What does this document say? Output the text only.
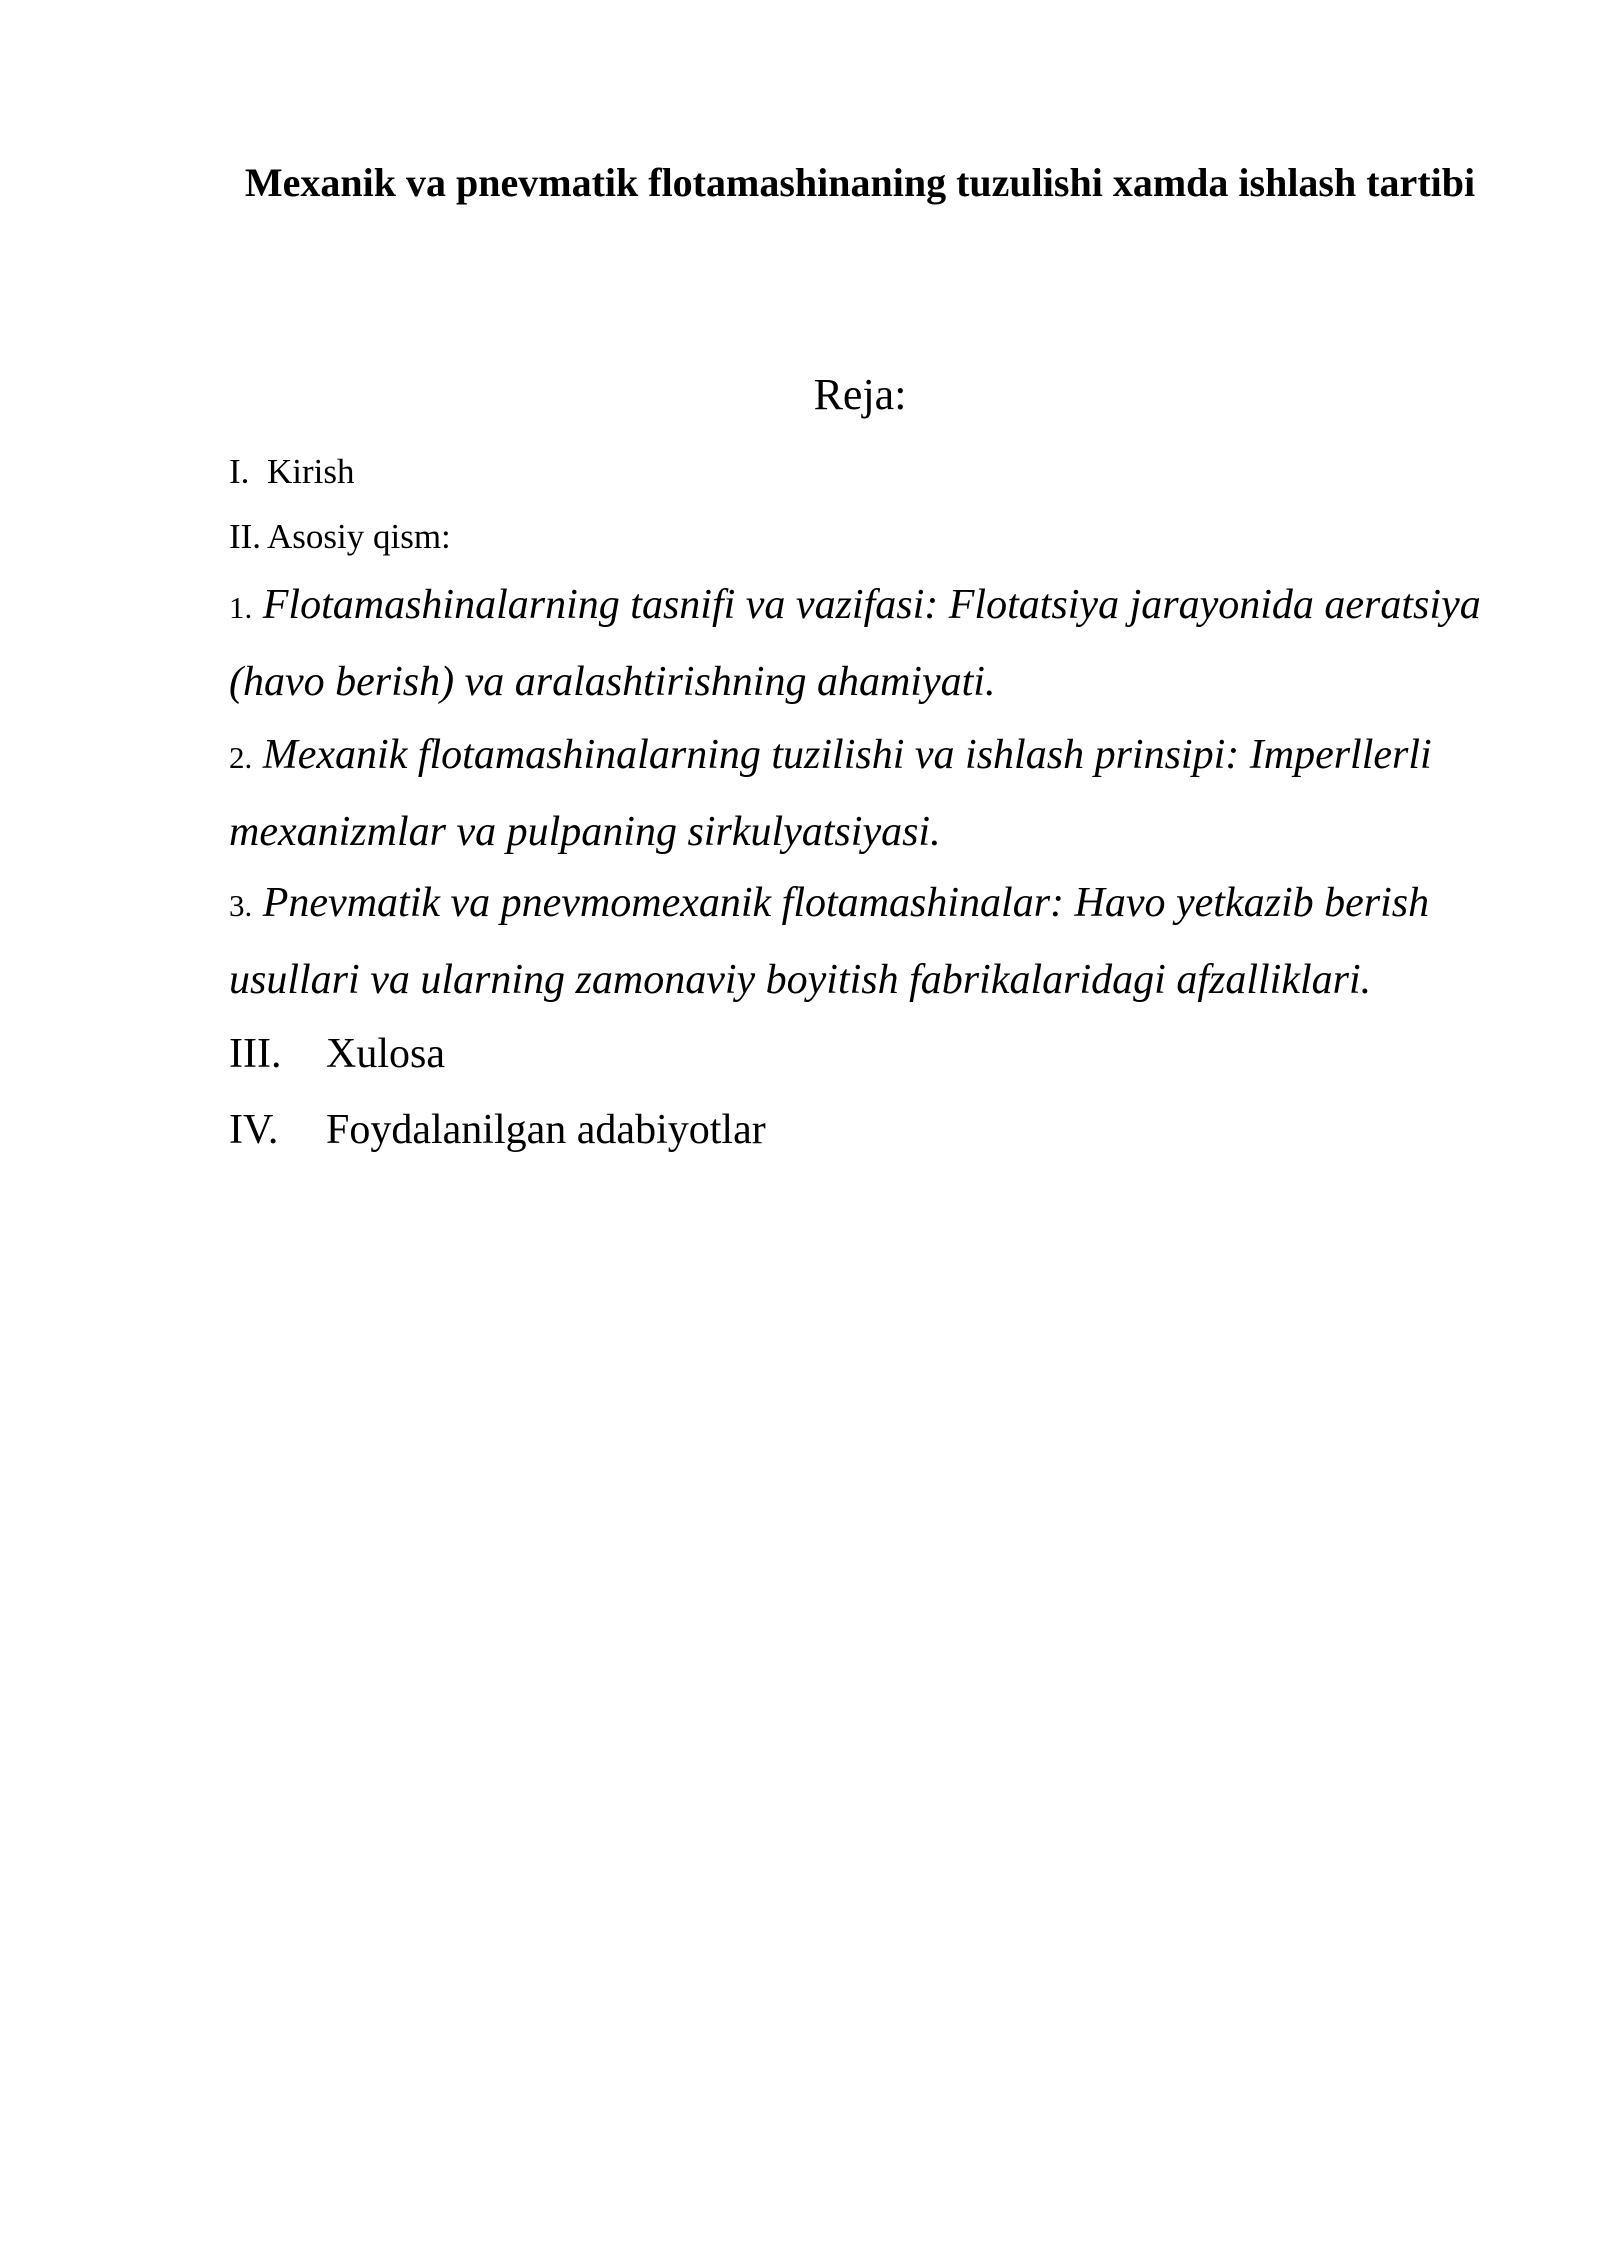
Mexanik va pnevmatik flotamashinaning tuzulishi xamda ishlash tartibi
Reja:
I. Kirish
II. Asosiy qism:
1. Flotamashinalarning tasnifi va vazifasi: Flotatsiya jarayonida aeratsiya (havo berish) va aralashtirishning ahamiyati.
2. Mexanik flotamashinalarning tuzilishi va ishlash prinsipi: Imperllerli mexanizmlar va pulpaning sirkulyatsiyasi.
3. Pnevmatik va pnevmomexanik flotamashinalar: Havo yetkazib berish usullari va ularning zamonaviy boyitish fabrikalaridagi afzalliklari.
III. Xulosa
IV. Foydalanilgan adabiyotlar
